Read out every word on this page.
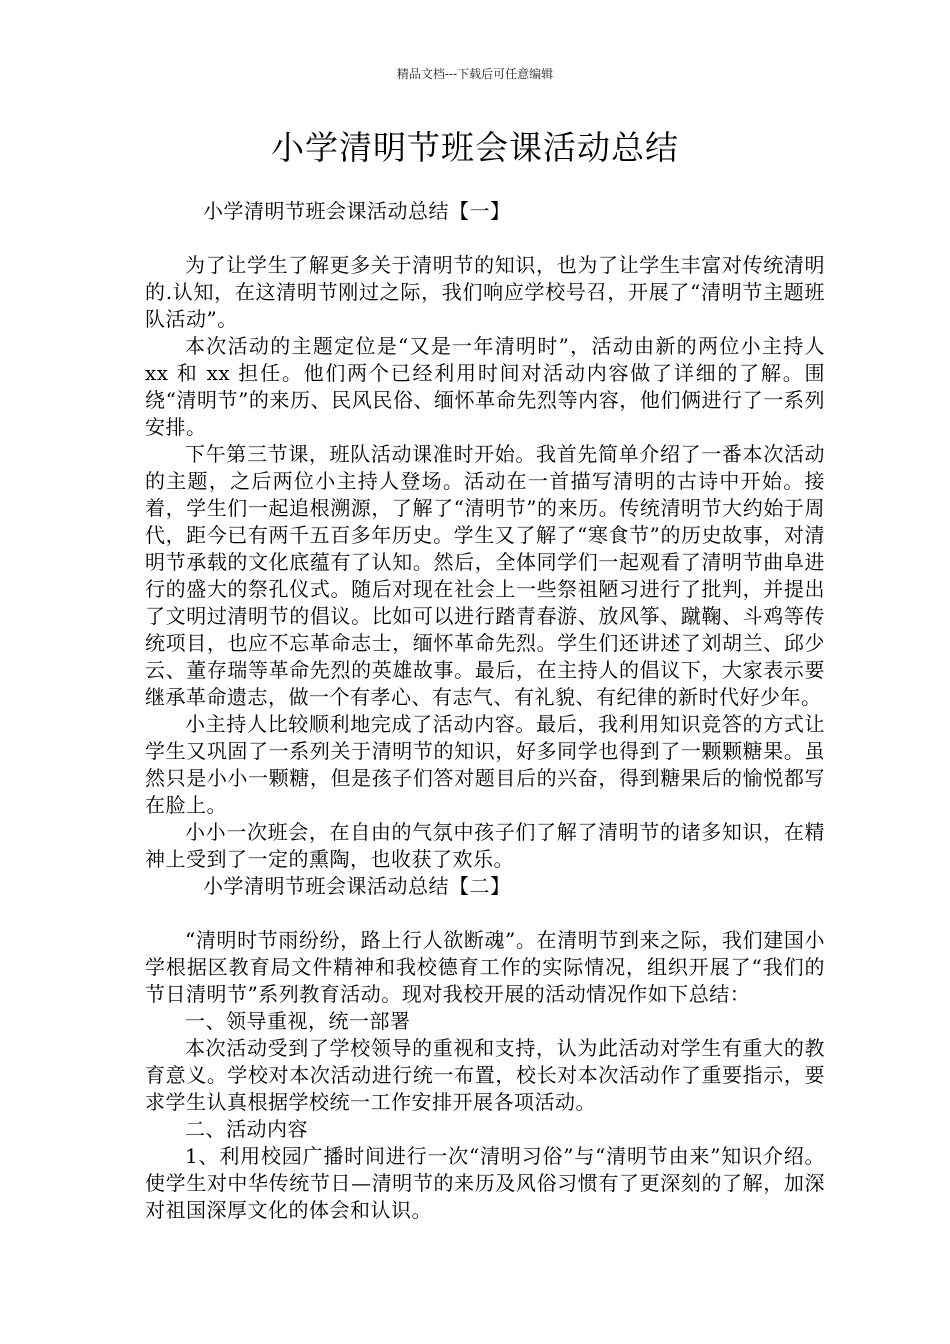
精品文档---下载后可任意编辑
小学清明节班会课活动总结

小学清明节班会课活动总结【一】

为了让学生了解更多关于清明节的知识，也为了让学生丰富对传统清明的.认知，在这清明节刚过之际，我们响应学校号召，开展了“清明节主题班队活动”。

本次活动的主题定位是“又是一年清明时”，活动由新的两位小主持人 xx 和 xx 担任。他们两个已经利用时间对活动内容做了详细的了解。围绕“清明节”的来历、民风民俗、缅怀革命先烈等内容，他们俩进行了一系列安排。

下午第三节课，班队活动课准时开始。我首先简单介绍了一番本次活动的主题，之后两位小主持人登场。活动在一首描写清明的古诗中开始。接着，学生们一起追根溯源，了解了“清明节”的来历。传统清明节大约始于周代，距今已有两千五百多年历史。学生又了解了“寒食节”的历史故事，对清明节承载的文化底蕴有了认知。然后，全体同学们一起观看了清明节曲阜进行的盛大的祭孔仪式。随后对现在社会上一些祭祖陋习进行了批判，并提出了文明过清明节的倡议。比如可以进行踏青春游、放风筝、蹴鞠、斗鸡等传统项目，也应不忘革命志士，缅怀革命先烈。学生们还讲述了刘胡兰、邱少云、董存瑞等革命先烈的英雄故事。最后，在主持人的倡议下，大家表示要继承革命遗志，做一个有孝心、有志气、有礼貌、有纪律的新时代好少年。

小主持人比较顺利地完成了活动内容。最后，我利用知识竞答的方式让学生又巩固了一系列关于清明节的知识，好多同学也得到了一颗颗糖果。虽然只是小小一颗糖，但是孩子们答对题目后的兴奋，得到糖果后的愉悦都写在脸上。

小小一次班会，在自由的气氛中孩子们了解了清明节的诸多知识，在精神上受到了一定的熏陶，也收获了欢乐。

小学清明节班会课活动总结【二】

“清明时节雨纷纷，路上行人欲断魂”。在清明节到来之际，我们建国小学根据区教育局文件精神和我校德育工作的实际情况，组织开展了“我们的节日清明节”系列教育活动。现对我校开展的活动情况作如下总结：

一、领导重视，统一部署

本次活动受到了学校领导的重视和支持，认为此活动对学生有重大的教育意义。学校对本次活动进行统一布置，校长对本次活动作了重要指示，要求学生认真根据学校统一工作安排开展各项活动。

二、活动内容

1、利用校园广播时间进行一次“清明习俗”与“清明节由来”知识介绍。使学生对中华传统节日—清明节的来历及风俗习惯有了更深刻的了解，加深对祖国深厚文化的体会和认识。
